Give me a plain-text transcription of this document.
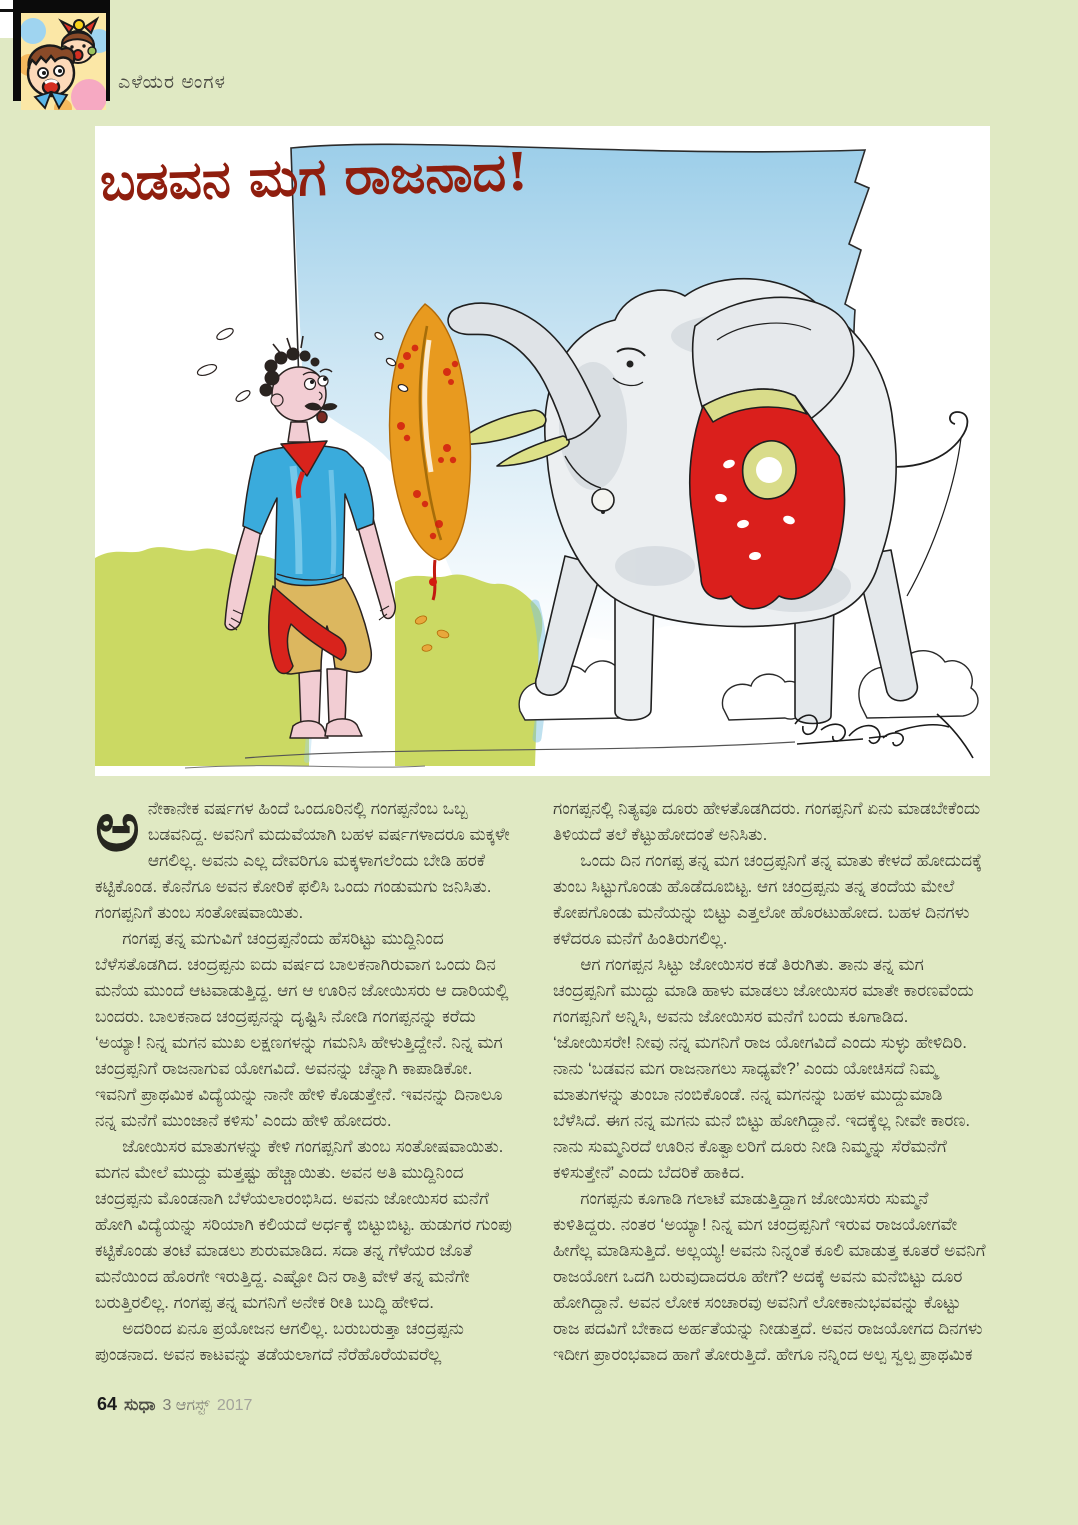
ಎಳೆಯರ ಅಂಗಳ
ಬಡವನ ಮಗ ರಾಜನಾದ!

ಅನೇಕಾನೇಕ ವರ್ಷಗಳ ಹಿಂದೆ ಒಂದೂರಿನಲ್ಲಿ ಗಂಗಪ್ಪನೆಂಬ ಒಬ್ಬ ಬಡವನಿದ್ದ. ಅವನಿಗೆ ಮದುವೆಯಾಗಿ ಬಹಳ ವರ್ಷಗಳಾದರೂ ಮಕ್ಕಳೇ ಆಗಲಿಲ್ಲ. ಅವನು ಎಲ್ಲ ದೇವರಿಗೂ ಮಕ್ಕಳಾಗಲೆಂದು ಬೇಡಿ ಹರಕೆ ಕಟ್ಟಿಕೊಂಡ. ಕೊನೆಗೂ ಅವನ ಕೋರಿಕೆ ಫಲಿಸಿ ಒಂದು ಗಂಡುಮಗು ಜನಿಸಿತು. ಗಂಗಪ್ಪನಿಗೆ ತುಂಬ ಸಂತೋಷವಾಯಿತು.

ಗಂಗಪ್ಪ ತನ್ನ ಮಗುವಿಗೆ ಚಂದ್ರಪ್ಪನೆಂದು ಹೆಸರಿಟ್ಟು ಮುದ್ದಿನಿಂದ ಬೆಳೆಸತೊಡಗಿದ. ಚಂದ್ರಪ್ಪನು ಐದು ವರ್ಷದ ಬಾಲಕನಾಗಿರುವಾಗ ಒಂದು ದಿನ ಮನೆಯ ಮುಂದೆ ಆಟವಾಡುತ್ತಿದ್ದ. ಆಗ ಆ ಊರಿನ ಜೋಯಿಸರು ಆ ದಾರಿಯಲ್ಲಿ ಬಂದರು. ಬಾಲಕನಾದ ಚಂದ್ರಪ್ಪನನ್ನು ದೃಷ್ಟಿಸಿ ನೋಡಿ ಗಂಗಪ್ಪನನ್ನು ಕರೆದು ‘ಅಯ್ಯಾ! ನಿನ್ನ ಮಗನ ಮುಖ ಲಕ್ಷಣಗಳನ್ನು ಗಮನಿಸಿ ಹೇಳುತ್ತಿದ್ದೇನೆ. ನಿನ್ನ ಮಗ ಚಂದ್ರಪ್ಪನಿಗೆ ರಾಜನಾಗುವ ಯೋಗವಿದೆ. ಅವನನ್ನು ಚೆನ್ನಾಗಿ ಕಾಪಾಡಿಕೋ. ಇವನಿಗೆ ಪ್ರಾಥಮಿಕ ವಿದ್ಯೆಯನ್ನು ನಾನೇ ಹೇಳಿ ಕೊಡುತ್ತೇನೆ. ಇವನನ್ನು ದಿನಾಲೂ ನನ್ನ ಮನೆಗೆ ಮುಂಜಾನೆ ಕಳಿಸು’ ಎಂದು ಹೇಳಿ ಹೋದರು.

ಜೋಯಿಸರ ಮಾತುಗಳನ್ನು ಕೇಳಿ ಗಂಗಪ್ಪನಿಗೆ ತುಂಬ ಸಂತೋಷವಾಯಿತು. ಮಗನ ಮೇಲೆ ಮುದ್ದು ಮತ್ತಷ್ಟು ಹೆಚ್ಚಾಯಿತು. ಅವನ ಅತಿ ಮುದ್ದಿನಿಂದ ಚಂದ್ರಪ್ಪನು ಮೊಂಡನಾಗಿ ಬೆಳೆಯಲಾರಂಭಿಸಿದ. ಅವನು ಜೋಯಿಸರ ಮನೆಗೆ ಹೋಗಿ ವಿದ್ಯೆಯನ್ನು ಸರಿಯಾಗಿ ಕಲಿಯದೆ ಅರ್ಧಕ್ಕೆ ಬಿಟ್ಟುಬಿಟ್ಟ. ಹುಡುಗರ ಗುಂಪು ಕಟ್ಟಿಕೊಂಡು ತಂಟೆ ಮಾಡಲು ಶುರುಮಾಡಿದ. ಸದಾ ತನ್ನ ಗೆಳೆಯರ ಜೊತೆ ಮನೆಯಿಂದ ಹೊರಗೇ ಇರುತ್ತಿದ್ದ. ಎಷ್ಟೋ ದಿನ ರಾತ್ರಿ ವೇಳೆ ತನ್ನ ಮನೆಗೇ ಬರುತ್ತಿರಲಿಲ್ಲ. ಗಂಗಪ್ಪ ತನ್ನ ಮಗನಿಗೆ ಅನೇಕ ರೀತಿ ಬುದ್ಧಿ ಹೇಳಿದ.

ಅದರಿಂದ ಏನೂ ಪ್ರಯೋಜನ ಆಗಲಿಲ್ಲ. ಬರುಬರುತ್ತಾ ಚಂದ್ರಪ್ಪನು ಪುಂಡನಾದ. ಅವನ ಕಾಟವನ್ನು ತಡೆಯಲಾಗದೆ ನೆರೆಹೊರೆಯವರೆಲ್ಲ

ಗಂಗಪ್ಪನಲ್ಲಿ ನಿತ್ಯವೂ ದೂರು ಹೇಳತೊಡಗಿದರು. ಗಂಗಪ್ಪನಿಗೆ ಏನು ಮಾಡಬೇಕೆಂದು ತಿಳಿಯದೆ ತಲೆ ಕೆಟ್ಟುಹೋದಂತೆ ಅನಿಸಿತು.

ಒಂದು ದಿನ ಗಂಗಪ್ಪ ತನ್ನ ಮಗ ಚಂದ್ರಪ್ಪನಿಗೆ ತನ್ನ ಮಾತು ಕೇಳದೆ ಹೋದುದಕ್ಕೆ ತುಂಬ ಸಿಟ್ಟುಗೊಂಡು ಹೊಡೆದೂಬಿಟ್ಟ. ಆಗ ಚಂದ್ರಪ್ಪನು ತನ್ನ ತಂದೆಯ ಮೇಲೆ ಕೋಪಗೊಂಡು ಮನೆಯನ್ನು ಬಿಟ್ಟು ಎತ್ತಲೋ ಹೊರಟುಹೋದ. ಬಹಳ ದಿನಗಳು ಕಳೆದರೂ ಮನೆಗೆ ಹಿಂತಿರುಗಲಿಲ್ಲ.

ಆಗ ಗಂಗಪ್ಪನ ಸಿಟ್ಟು ಜೋಯಿಸರ ಕಡೆ ತಿರುಗಿತು. ತಾನು ತನ್ನ ಮಗ ಚಂದ್ರಪ್ಪನಿಗೆ ಮುದ್ದು ಮಾಡಿ ಹಾಳು ಮಾಡಲು ಜೋಯಿಸರ ಮಾತೇ ಕಾರಣವೆಂದು ಗಂಗಪ್ಪನಿಗೆ ಅನ್ನಿಸಿ, ಅವನು ಜೋಯಿಸರ ಮನೆಗೆ ಬಂದು ಕೂಗಾಡಿದ. ‘ಜೋಯಿಸರೇ! ನೀವು ನನ್ನ ಮಗನಿಗೆ ರಾಜ ಯೋಗವಿದೆ ಎಂದು ಸುಳ್ಳು ಹೇಳಿದಿರಿ. ನಾನು ‘ಬಡವನ ಮಗ ರಾಜನಾಗಲು ಸಾಧ್ಯವೇ?’ ಎಂದು ಯೋಚಿಸದೆ ನಿಮ್ಮ ಮಾತುಗಳನ್ನು ತುಂಬಾ ನಂಬಿಕೊಂಡೆ. ನನ್ನ ಮಗನನ್ನು ಬಹಳ ಮುದ್ದುಮಾಡಿ ಬೆಳೆಸಿದೆ. ಈಗ ನನ್ನ ಮಗನು ಮನೆ ಬಿಟ್ಟು ಹೋಗಿದ್ದಾನೆ. ಇದಕ್ಕೆಲ್ಲ ನೀವೇ ಕಾರಣ. ನಾನು ಸುಮ್ಮನಿರದೆ ಊರಿನ ಕೊತ್ವಾಲರಿಗೆ ದೂರು ನೀಡಿ ನಿಮ್ಮನ್ನು ಸೆರೆಮನೆಗೆ ಕಳಿಸುತ್ತೇನೆ’ ಎಂದು ಬೆದರಿಕೆ ಹಾಕಿದ.

ಗಂಗಪ್ಪನು ಕೂಗಾಡಿ ಗಲಾಟೆ ಮಾಡುತ್ತಿದ್ದಾಗ ಜೋಯಿಸರು ಸುಮ್ಮನೆ ಕುಳಿತಿದ್ದರು. ನಂತರ ‘ಅಯ್ಯಾ! ನಿನ್ನ ಮಗ ಚಂದ್ರಪ್ಪನಿಗೆ ಇರುವ ರಾಜಯೋಗವೇ ಹೀಗೆಲ್ಲ ಮಾಡಿಸುತ್ತಿದೆ. ಅಲ್ಲಯ್ಯ! ಅವನು ನಿನ್ನಂತೆ ಕೂಲಿ ಮಾಡುತ್ತ ಕೂತರೆ ಅವನಿಗೆ ರಾಜಯೋಗ ಒದಗಿ ಬರುವುದಾದರೂ ಹೇಗೆ? ಅದಕ್ಕೆ ಅವನು ಮನೆಬಿಟ್ಟು ದೂರ ಹೋಗಿದ್ದಾನೆ. ಅವನ ಲೋಕ ಸಂಚಾರವು ಅವನಿಗೆ ಲೋಕಾನುಭವವನ್ನು ಕೊಟ್ಟು ರಾಜ ಪದವಿಗೆ ಬೇಕಾದ ಅರ್ಹತೆಯನ್ನು ನೀಡುತ್ತದೆ. ಅವನ ರಾಜಯೋಗದ ದಿನಗಳು ಇದೀಗ ಪ್ರಾರಂಭವಾದ ಹಾಗೆ ತೋರುತ್ತಿದೆ. ಹೇಗೂ ನನ್ನಿಂದ ಅಲ್ಪ ಸ್ವಲ್ಪ ಪ್ರಾಥಮಿಕ

64 ಸುಧಾ 3 ಆಗಸ್ಟ್ 2017
